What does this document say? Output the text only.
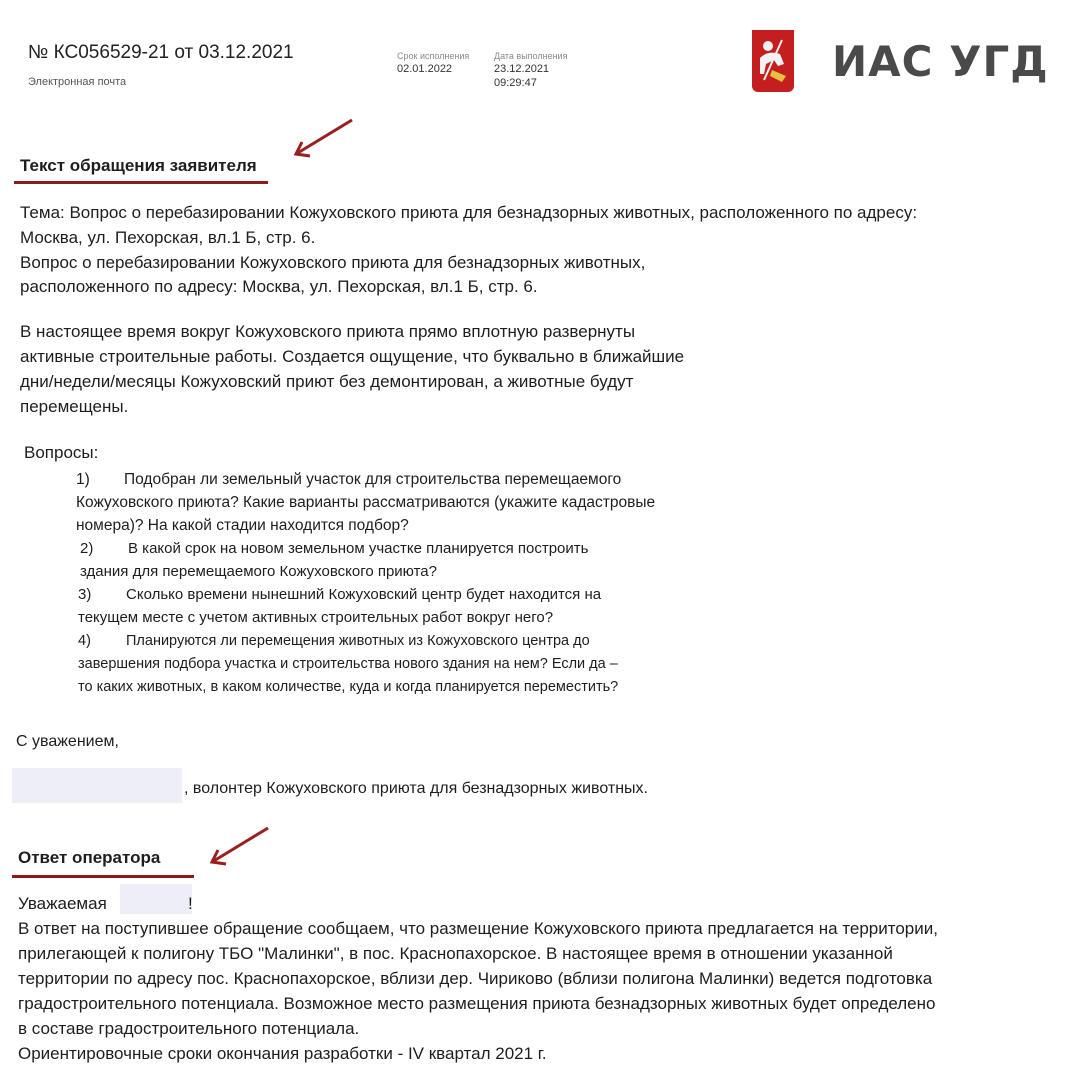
№ КС056529-21 от 03.12.2021
Электронная почта
Срок исполнения
02.01.2022
Дата выполнения
23.12.2021
09:29:47	ИАС УГД
Текст обращения заявителя
Тема: Вопрос о перебазировании Кожуховского приюта для безнадзорных животных, расположенного по адресу:
Москва, ул. Пехорская, вл.1 Б, стр. 6.
Вопрос о перебазировании Кожуховского приюта для безнадзорных животных,
расположенного по адресу: Москва, ул. Пехорская, вл.1 Б, стр. 6.
В настоящее время вокруг Кожуховского приюта прямо вплотную развернуты
активные строительные работы. Создается ощущение, что буквально в ближайшие
дни/недели/месяцы Кожуховский приют без демонтирован, а животные будут
перемещены.
Вопросы:
1) Подобран ли земельный участок для строительства перемещаемого
Кожуховского приюта? Какие варианты рассматриваются (укажите кадастровые
номера)? На какой стадии находится подбор?
2) В какой срок на новом земельном участке планируется построить
здания для перемещаемого Кожуховского приюта?
3) Сколько времени нынешний Кожуховский центр будет находится на
текущем месте с учетом активных строительных работ вокруг него?
4) Планируются ли перемещения животных из Кожуховского центра до
завершения подбора участка и строительства нового здания на нем? Если да –
то каких животных, в каком количестве, куда и когда планируется переместить?
С уважением,
, волонтер Кожуховского приюта для безнадзорных животных.
Ответ оператора
Уважаемая	!
В ответ на поступившее обращение сообщаем, что размещение Кожуховского приюта предлагается на территории,
прилегающей к полигону ТБО "Малинки", в пос. Краснопахорское. В настоящее время в отношении указанной
территории по адресу пос. Краснопахорское, вблизи дер. Чириково (вблизи полигона Малинки) ведется подготовка
градостроительного потенциала. Возможное место размещения приюта безнадзорных животных будет определено
в составе градостроительного потенциала.
Ориентировочные сроки окончания разработки - IV квартал 2021 г.
